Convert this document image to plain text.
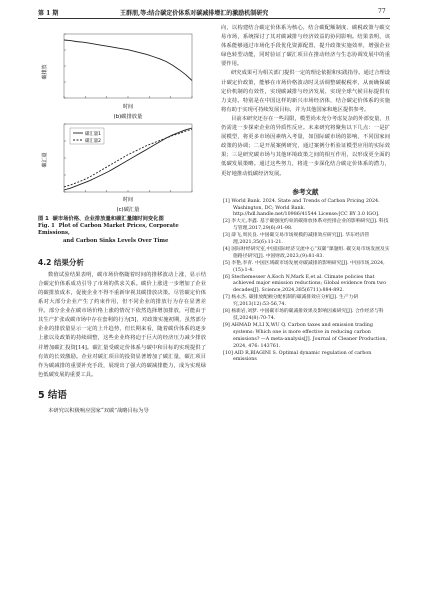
第 1 期	王群朋,等:结合碳定价体系对碳减排增汇的激励机制研究	77
碳排放
时间
(b)碳排放量
碳汇量
碳汇量1
碳汇量2
时间
(c)碳汇量
图 1 碳市场价格、企业排放量和碳汇量随时间变化图
Fig. 1 Plot of Carbon Market Prices, Corporate Emissions,
and Carbon Sinks Levels Over Time
4.2 结果分析

数值试验结果表明，碳市场价格随着时间的推移波动上涨，显示结合碳定价体系成功引导了市场的供求关系。碳价上涨进一步增加了企业的碳排放成本，促使企业不得不重新审视其碳排放决策。尽管碳定价体系对大部分企业产生了约束作用，但不同企业的排放行为存在显著差异。部分企业在碳市场价格上涨的情况下依然选择增加排放，可能由于其生产扩张或碳市场中存在套利的行为[5]，对政策实施初期，虽然部分企业的排放量显示一定的上升趋势，但长期来看，随着碳价体系的逐步上涨以及政策的持续调整，这些企业终将迫于巨大的经济压力减少排放并增加碳汇投资[14]。碳汇量受碳定价体系与碳中和目标的实现提供了有效的长效激励。企业对碳汇项目的投资显著增加了碳汇量，碳汇项目作为碳减排的重要补充手段，展现出了强大的碳减排能力，成为实现绿色低碳发展的重要工具。

5 结语

本研究以积极响应国家“双碳”战略目标为导

向，以构建结合碳定价体系为核心，结合碳配额制度、碳税政策与碳交易市场，系统探讨了其对碳减排与经济效益的协同影响。结果表明，该体系能够通过市场化手段优化资源配置，提升政策实施效率，增强企业绿色转型动能，同时验证了碳汇项目在推动经济与生态协调发展中的重要作用。

研究成果可为相关部门提供一定的理论依据和实践指导。通过合理设计碳定价政策，能够在市场价格波动时灵活调整碳税税率，从而确保碳定价机制的有效性，实现碳减排与经济发展、实现全球气候目标提供有力支持。特别是在中国这样的新兴市场经济体，结合碳定价体系的实施将有助于实现可持续发展目标，并为其他国家和地区提供参考。

目前本研究还存在一些局限，模型尚未充分考虑复杂的外部变量，且仍需进一步探索企业的异质性反应。未来研究将聚焦以下几点：一是扩展模型，将更多市场因素纳入考量，如国际碳市场的影响，不同国家间政策的协调；二是开展案例研究，通过案例分析验证模型应用的实际效果；三是研究碳市场与其他环境政策之间的相互作用，以形成更全面的低碳发展策略。通过这些努力，将进一步深化结合碳定价体系的潜力，更好地推动低碳经济发展。

参考文献
[1] World Bank. 2024. State and Trends of Carbon Pricing 2024. Washington, DC; World Bank. http://hdl.handle.net/10986/41544 License:[CC BY 3.0 IGO].
[2] 李大元,李鑫. 基于碳强度约束的碳排放体系对控排企业的影响研究[J]. 科技与管理,2017,29(6):91-98.
[3] 薛飞,周民良. 中国碳交易市场规模的减排效应研究[J]. 华东经济管理,2021,35(6):11-21.
[4] 国际财经研究室,中国国际经济交流中心“双碳”课题组. 碳交易市场发展及实施路径研究[J]. 中国财政,2023,(9):81-83.
[5] 李艳,李青. 中国区域碳市场发展对碳减排的影响研究[J]. 中国市场,2024,(15):1-4.
[6] Stechemesser A,Koch N,Mark E,et al. Climate policies that achieved major emission reductions; Global evidence from two decades[J]. Science,2024,385(6711):884-892.
[7] 杨永杰. 碳排放配额分配机制的碳减排效应分析[J]. 生产力研究,2013(12):53-56,74.
[8] 杨新岩,刘梦. 中国碳市场的碳减排效果及影响因素研究[J]. 合作经济与科技,2024(8):70-74.
[9] AHMAD M,LI X,WU Q. Carbon taxes and emission trading systems: Which one is more effective in reducing carbon emissions? —A meta-analysis[J]. Journal of Cleaner Production, 2024, 476: 143761.
[10] AID R,BIAGINI S. Optimal dynamic regulation of carbon emissions
